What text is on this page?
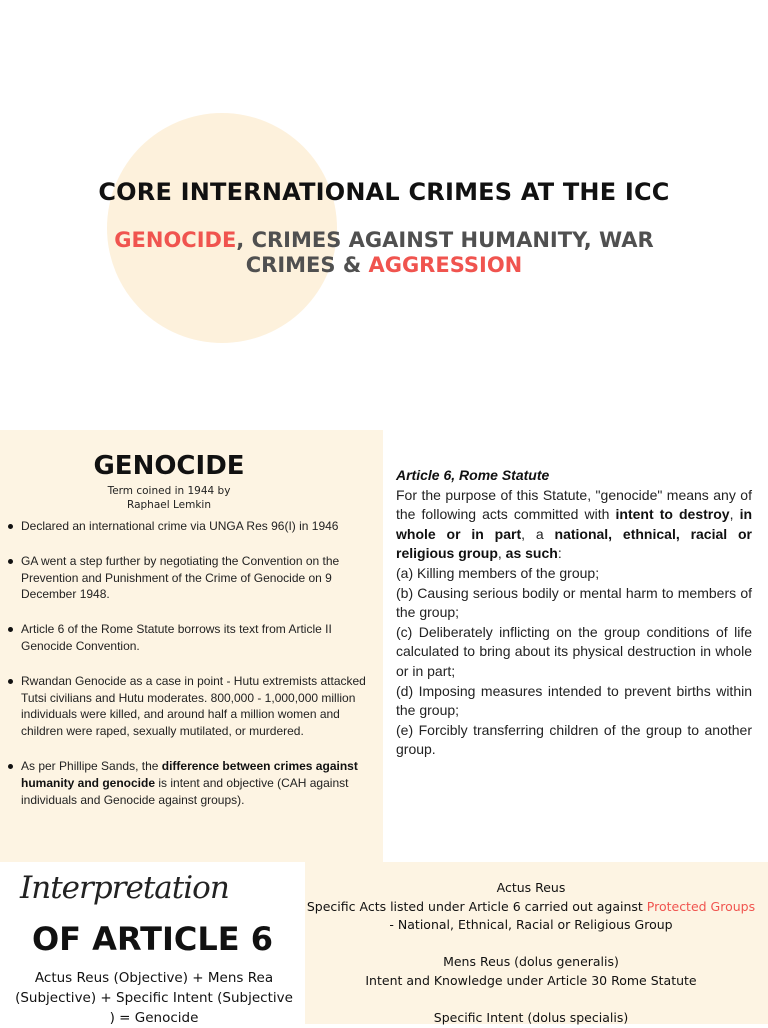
CORE INTERNATIONAL CRIMES AT THE ICC
GENOCIDE, CRIMES AGAINST HUMANITY, WAR CRIMES & AGGRESSION
GENOCIDE
Term coined in 1944 by
Raphael Lemkin
Declared an international crime via UNGA Res 96(I) in 1946
GA went a step further by negotiating the Convention on the Prevention and Punishment of the Crime of Genocide on 9 December 1948.
Article 6 of the Rome Statute borrows its text from Article II Genocide Convention.
Rwandan Genocide as a case in point - Hutu extremists attacked Tutsi civilians and Hutu moderates. 800,000 - 1,000,000 million individuals were killed, and around half a million women and children were raped, sexually mutilated, or murdered.
As per Phillipe Sands, the difference between crimes against humanity and genocide is intent and objective (CAH against individuals and Genocide against groups).
Article 6, Rome Statute

For the purpose of this Statute, "genocide" means any of the following acts committed with intent to destroy, in whole or in part, a national, ethnical, racial or religious group, as such:

(a) Killing members of the group;

(b) Causing serious bodily or mental harm to members of the group;

(c) Deliberately inflicting on the group conditions of life calculated to bring about its physical destruction in whole or in part;

(d) Imposing measures intended to prevent births within the group;

(e) Forcibly transferring children of the group to another group.

Interpretation
OF ARTICLE 6
Actus Reus (Objective) + Mens Rea (Subjective) + Specific Intent (Subjective ) = Genocide
Actus Reus
Specific Acts listed under Article 6 carried out against Protected Groups - National, Ethnical, Racial or Religious Group
Mens Reus (dolus generalis)
Intent and Knowledge under Article 30 Rome Statute
Specific Intent (dolus specialis)
